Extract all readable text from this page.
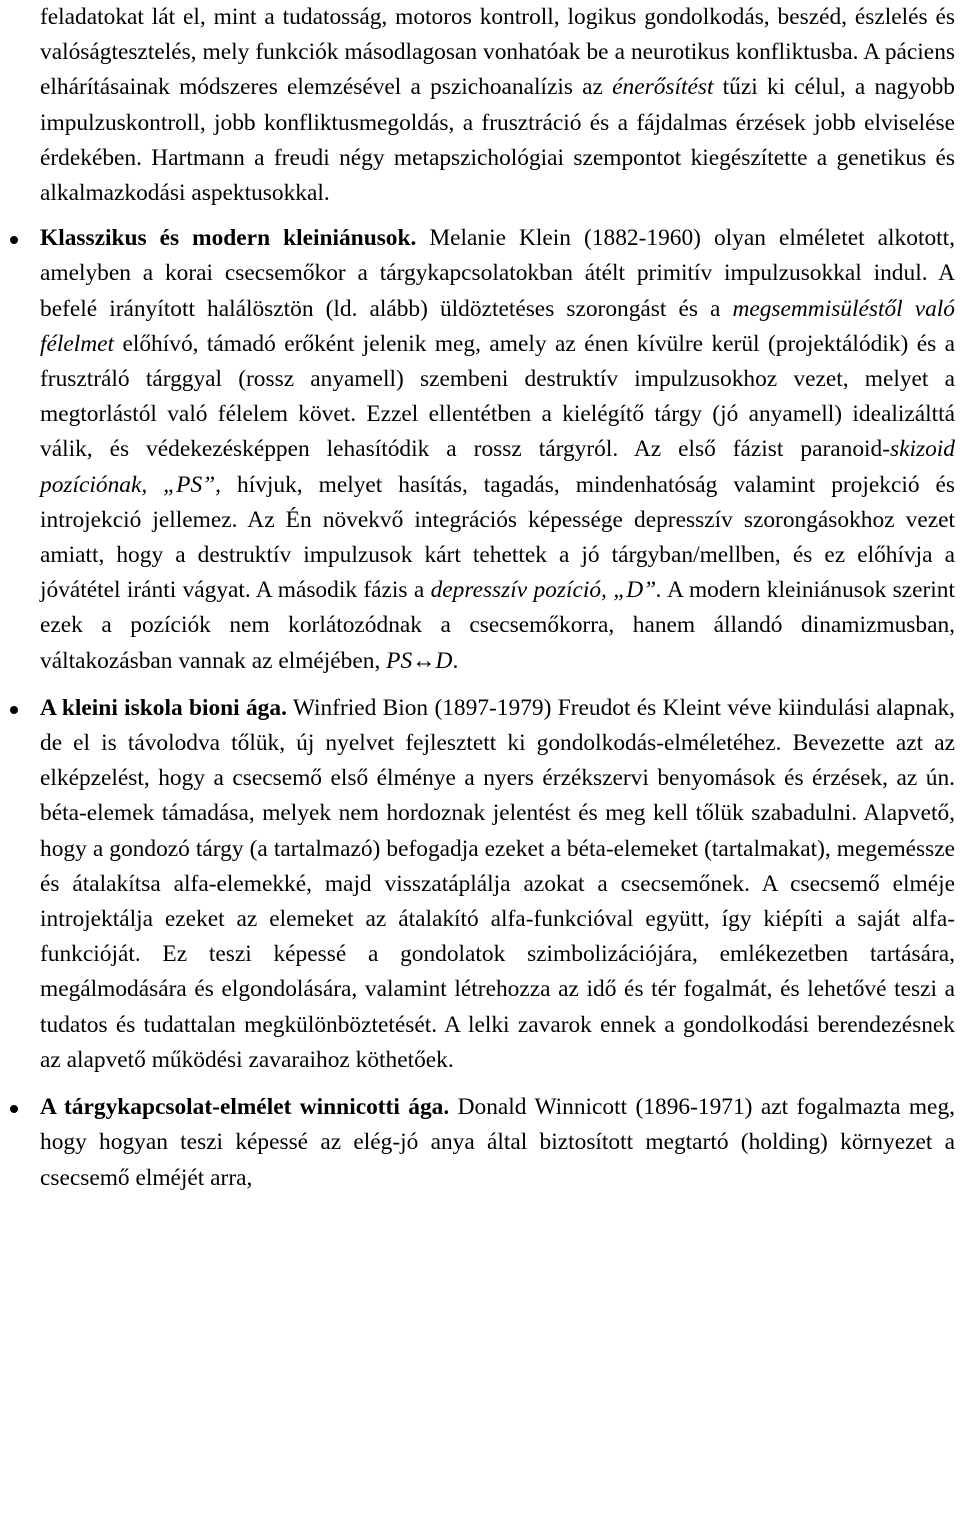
feladatokat lát el, mint a tudatosság, motoros kontroll, logikus gondolkodás, beszéd, észlelés és valóságtesztelés, mely funkciók másodlagosan vonhatóak be a neurotikus konfliktusba. A páciens elhárításainak módszeres elemzésével a pszichoanalízis az énerősítést tűzi ki célul, a nagyobb impulzuskontroll, jobb konfliktusmegoldás, a frusztráció és a fájdalmas érzések jobb elviselése érdekében. Hartmann a freudi négy metapszichológiai szempontot kiegészítette a genetikus és alkalmazkodási aspektusokkal.

Klasszikus és modern kleiniánusok. Melanie Klein (1882-1960) olyan elméletet alkotott, amelyben a korai csecsemőkor a tárgykapcsolatokban átélt primitív impulzusokkal indul. A befelé irányított halálösztön (ld. alább) üldöztetéses szorongást és a megsemmisüléstől való félelmet előhívó, támadó erőként jelenik meg, amely az énen kívülre kerül (projektálódik) és a frusztráló tárggyal (rossz anyamell) szembeni destruktív impulzusokhoz vezet, melyet a megtorlástól való félelem követ. Ezzel ellentétben a kielégítő tárgy (jó anyamell) idealizálttá válik, és védekezésképpen lehasítódik a rossz tárgyról. Az első fázist paranoid-skizoid pozíciónak, „PS”, hívjuk, melyet hasítás, tagadás, mindenhatóság valamint projekció és introjekció jellemez. Az Én növekvő integrációs képessége depresszív szorongásokhoz vezet amiatt, hogy a destruktív impulzusok kárt tehettek a jó tárgyban/mellben, és ez előhívja a jóvátétel iránti vágyat. A második fázis a depresszív pozíció, „D”. A modern kleiniánusok szerint ezek a pozíciók nem korlátozódnak a csecsemőkorra, hanem állandó dinamizmusban, váltakozásban vannak az elméjében, PS↔D.

A kleini iskola bioni ága. Winfried Bion (1897-1979) Freudot és Kleint véve kiindulási alapnak, de el is távolodva tőlük, új nyelvet fejlesztett ki gondolkodás-elméletéhez. Bevezette azt az elképzelést, hogy a csecsemő első élménye a nyers érzékszervi benyomások és érzések, az ún. béta-elemek támadása, melyek nem hordoznak jelentést és meg kell tőlük szabadulni. Alapvető, hogy a gondozó tárgy (a tartalmazó) befogadja ezeket a béta-elemeket (tartalmakat), megeméssze és átalakítsa alfa-elemekké, majd visszatáplálja azokat a csecsemőnek. A csecsemő elméje introjektálja ezeket az elemeket az átalakító alfa-funkcióval együtt, így kiépíti a saját alfa-funkcióját. Ez teszi képessé a gondolatok szimbolizációjára, emlékezetben tartására, megálmodására és elgondolására, valamint létrehozza az idő és tér fogalmát, és lehetővé teszi a tudatos és tudattalan megkülönböztetését. A lelki zavarok ennek a gondolkodási berendezésnek az alapvető működési zavaraihoz köthetőek.

A tárgykapcsolat-elmélet winnicotti ága. Donald Winnicott (1896-1971) azt fogalmazta meg, hogy hogyan teszi képessé az elég-jó anya által biztosított megtartó (holding) környezet a csecsemő elméjét arra,
